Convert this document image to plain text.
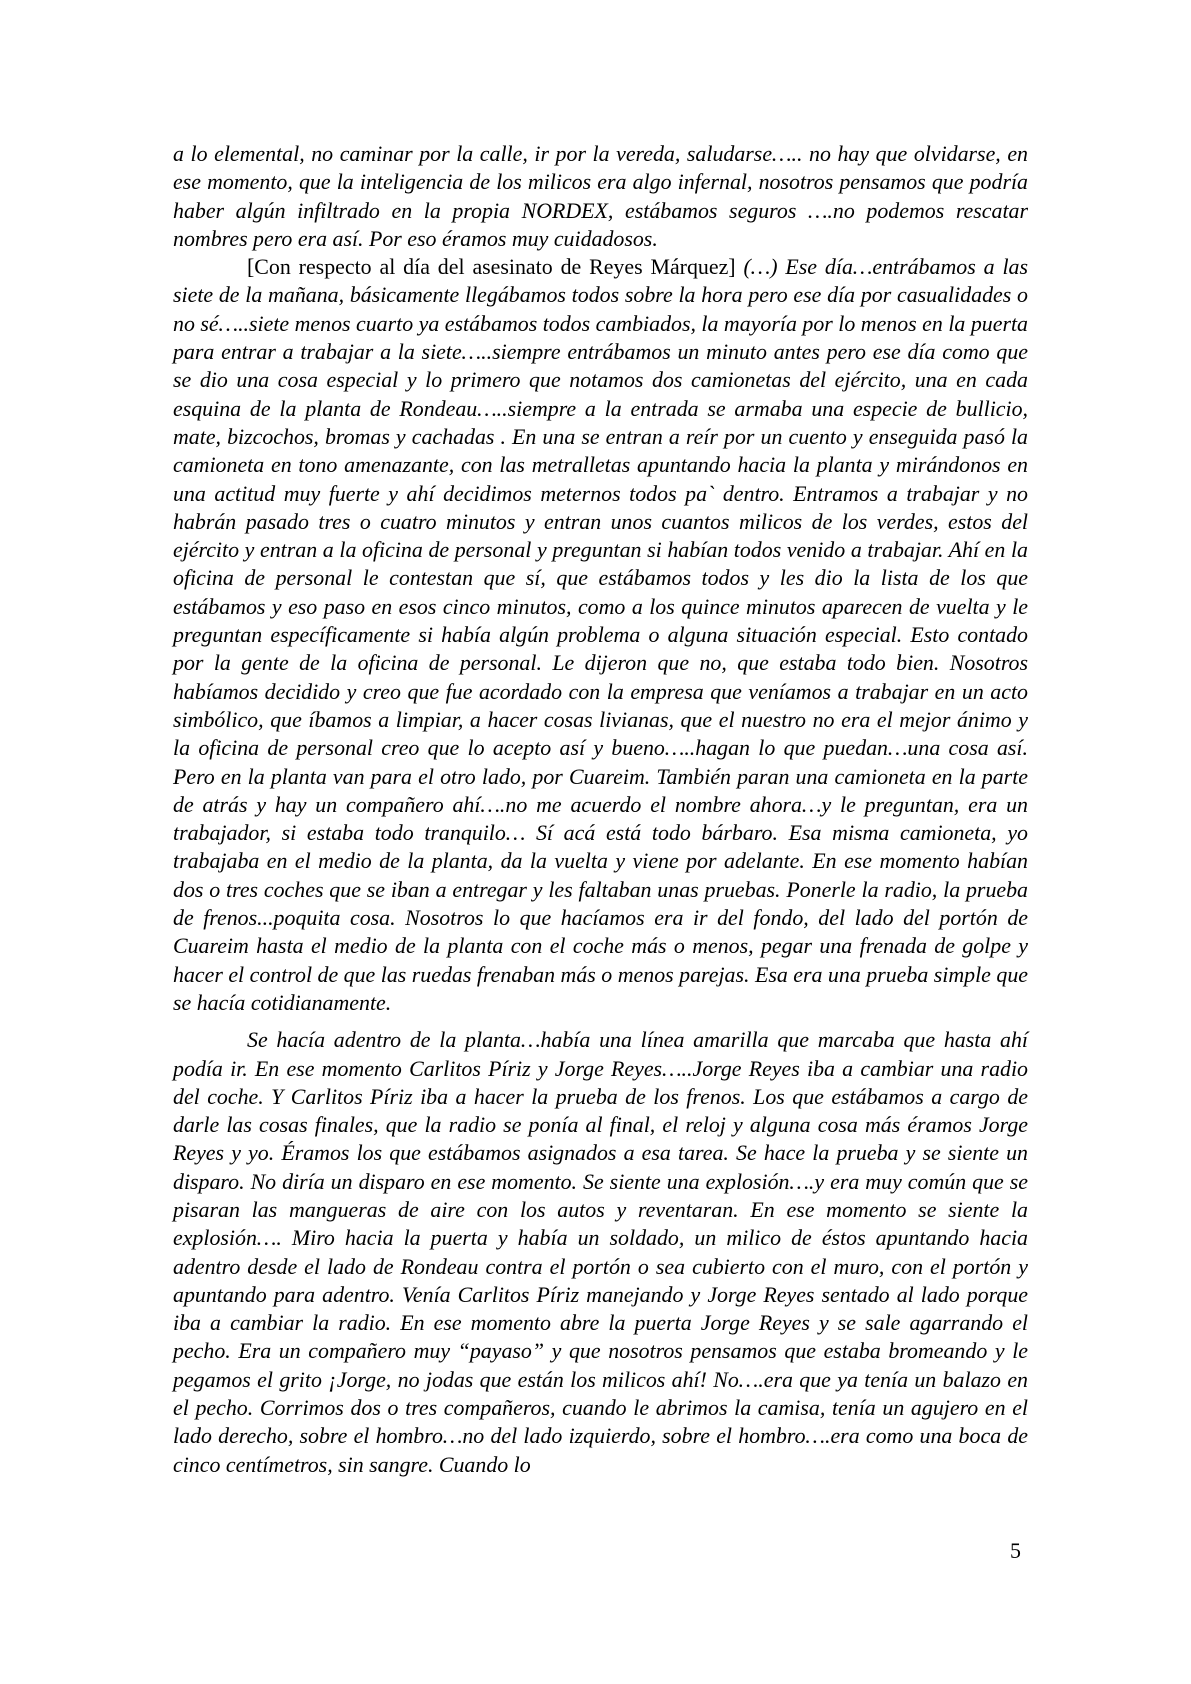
a lo elemental, no caminar por la calle, ir por la vereda, saludarse….. no hay que olvidarse, en ese momento, que la inteligencia de los milicos era algo infernal, nosotros pensamos que podría haber algún infiltrado en la propia NORDEX, estábamos seguros ….no podemos rescatar nombres pero era así. Por eso éramos muy cuidadosos.

[Con respecto al día del asesinato de Reyes Márquez] (…) Ese día…entrábamos a las siete de la mañana, básicamente llegábamos todos sobre la hora pero ese día por casualidades o no sé…..siete menos cuarto ya estábamos todos cambiados, la mayoría por lo menos en la puerta para entrar a trabajar a la siete…..siempre entrábamos un minuto antes pero ese día como que se dio una cosa especial y lo primero que notamos dos camionetas del ejército, una en cada esquina de la planta de Rondeau…..siempre a la entrada se armaba una especie de bullicio, mate, bizcochos, bromas y cachadas . En una se entran a reír por un cuento y enseguida pasó la camioneta en tono amenazante, con las metralletas apuntando hacia la planta y mirándonos en una actitud muy fuerte y ahí decidimos meternos todos pa` dentro. Entramos a trabajar y no habrán pasado tres o cuatro minutos y entran unos cuantos milicos de los verdes, estos del ejército y entran a la oficina de personal y preguntan si habían todos venido a trabajar. Ahí en la oficina de personal le contestan que sí, que estábamos todos y les dio la lista de los que estábamos y eso paso en esos cinco minutos, como a los quince minutos aparecen de vuelta y le preguntan específicamente si había algún problema o alguna situación especial. Esto contado por la gente de la oficina de personal. Le dijeron que no, que estaba todo bien. Nosotros habíamos decidido y creo que fue acordado con la empresa que veníamos a trabajar en un acto simbólico, que íbamos a limpiar, a hacer cosas livianas, que el nuestro no era el mejor ánimo y la oficina de personal creo que lo acepto así y bueno…..hagan lo que puedan…una cosa así. Pero en la planta van para el otro lado, por Cuareim. También paran una camioneta en la parte de atrás y hay un compañero ahí….no me acuerdo el nombre ahora…y le preguntan, era un trabajador, si estaba todo tranquilo… Sí acá está todo bárbaro. Esa misma camioneta, yo trabajaba en el medio de la planta, da la vuelta y viene por adelante. En ese momento habían dos o tres coches que se iban a entregar y les faltaban unas pruebas. Ponerle la radio, la prueba de frenos...poquita cosa. Nosotros lo que hacíamos era ir del fondo, del lado del portón de Cuareim hasta el medio de la planta con el coche más o menos, pegar una frenada de golpe y hacer el control de que las ruedas frenaban más o menos parejas. Esa era una prueba simple que se hacía cotidianamente.

Se hacía adentro de la planta…había una línea amarilla que marcaba que hasta ahí podía ir. En ese momento Carlitos Píriz y Jorge Reyes…..Jorge Reyes iba a cambiar una radio del coche. Y Carlitos Píriz iba a hacer la prueba de los frenos. Los que estábamos a cargo de darle las cosas finales, que la radio se ponía al final, el reloj y alguna cosa más éramos Jorge Reyes y yo. Éramos los que estábamos asignados a esa tarea. Se hace la prueba y se siente un disparo. No diría un disparo en ese momento. Se siente una explosión….y era muy común que se pisaran las mangueras de aire con los autos y reventaran. En ese momento se siente la explosión…. Miro hacia la puerta y había un soldado, un milico de éstos apuntando hacia adentro desde el lado de Rondeau contra el portón o sea cubierto con el muro, con el portón y apuntando para adentro. Venía Carlitos Píriz manejando y Jorge Reyes sentado al lado porque iba a cambiar la radio. En ese momento abre la puerta Jorge Reyes y se sale agarrando el pecho. Era un compañero muy “payaso” y que nosotros pensamos que estaba bromeando y le pegamos el grito ¡Jorge, no jodas que están los milicos ahí! No….era que ya tenía un balazo en el pecho. Corrimos dos o tres compañeros, cuando le abrimos la camisa, tenía un agujero en el lado derecho, sobre el hombro…no del lado izquierdo, sobre el hombro….era como una boca de cinco centímetros, sin sangre. Cuando lo

5
